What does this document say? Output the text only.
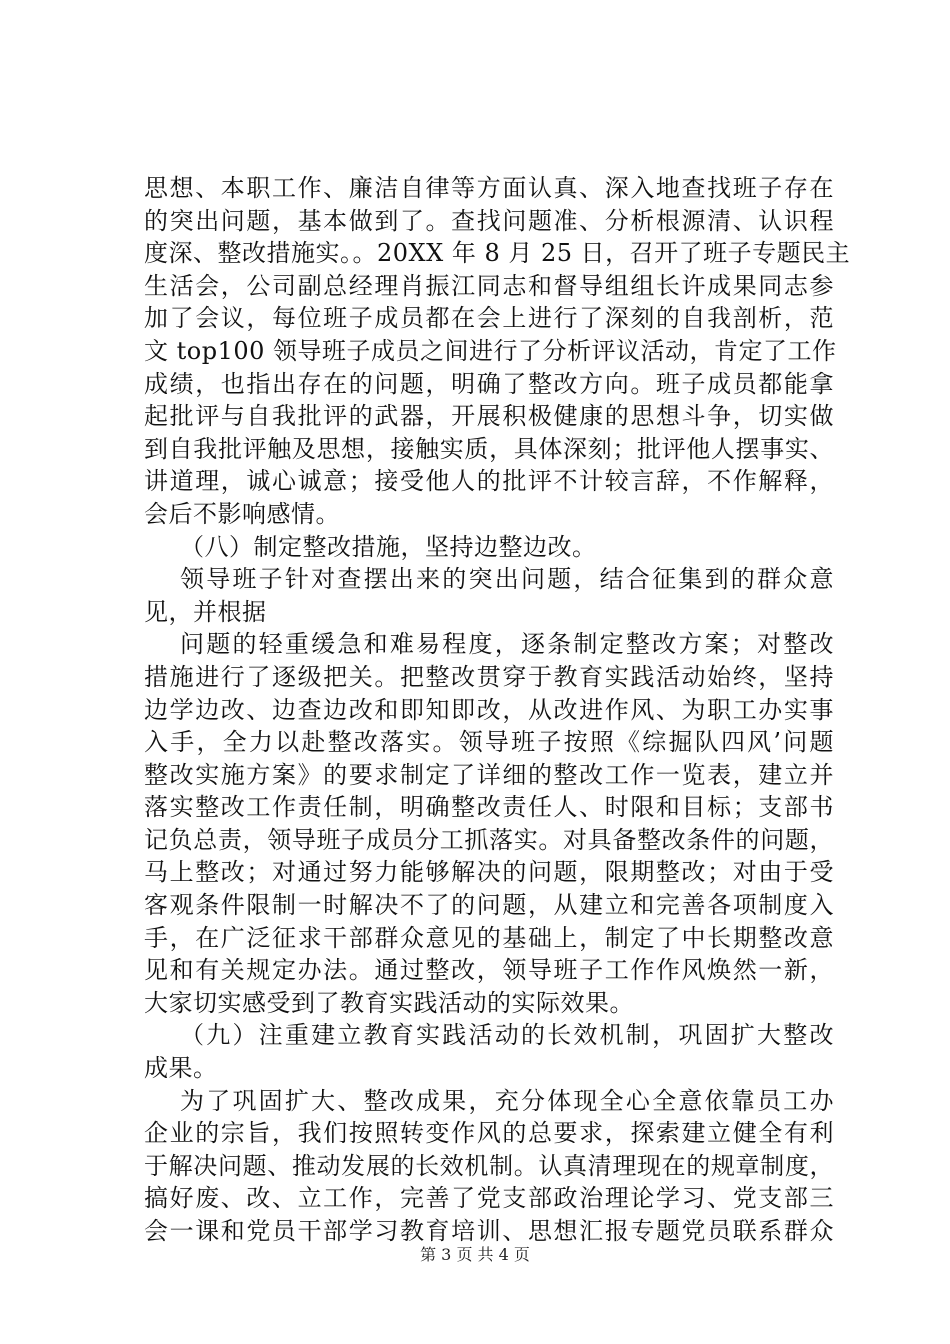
思想、本职工作、廉洁自律等方面认真、深入地查找班子存在
的突出问题，基本做到了。查找问题准、分析根源清、认识程
度深、整改措施实。。20XX 年 8 月 25 日，召开了班子专题民主
生活会，公司副总经理肖振江同志和督导组组长许成果同志参
加了会议，每位班子成员都在会上进行了深刻的自我剖析，范
文 top100 领导班子成员之间进行了分析评议活动，肯定了工作
成绩，也指出存在的问题，明确了整改方向。班子成员都能拿
起批评与自我批评的武器，开展积极健康的思想斗争，切实做
到自我批评触及思想，接触实质，具体深刻；批评他人摆事实、
讲道理，诚心诚意；接受他人的批评不计较言辞，不作解释，
会后不影响感情。
（八）制定整改措施，坚持边整边改。
领导班子针对查摆出来的突出问题，结合征集到的群众意
见，并根据
问题的轻重缓急和难易程度，逐条制定整改方案；对整改
措施进行了逐级把关。把整改贯穿于教育实践活动始终，坚持
边学边改、边查边改和即知即改，从改进作风、为职工办实事
入手，全力以赴整改落实。领导班子按照《综掘队四风’问题
整改实施方案》的要求制定了详细的整改工作一览表，建立并
落实整改工作责任制，明确整改责任人、时限和目标；支部书
记负总责，领导班子成员分工抓落实。对具备整改条件的问题，
马上整改；对通过努力能够解决的问题，限期整改；对由于受
客观条件限制一时解决不了的问题，从建立和完善各项制度入
手，在广泛征求干部群众意见的基础上，制定了中长期整改意
见和有关规定办法。通过整改，领导班子工作作风焕然一新，
大家切实感受到了教育实践活动的实际效果。
（九）注重建立教育实践活动的长效机制，巩固扩大整改
成果。
为了巩固扩大、整改成果，充分体现全心全意依靠员工办
企业的宗旨，我们按照转变作风的总要求，探索建立健全有利
于解决问题、推动发展的长效机制。认真清理现在的规章制度，
搞好废、改、立工作，完善了党支部政治理论学习、党支部三
会一课和党员干部学习教育培训、思想汇报专题党员联系群众
第 3 页 共 4 页
